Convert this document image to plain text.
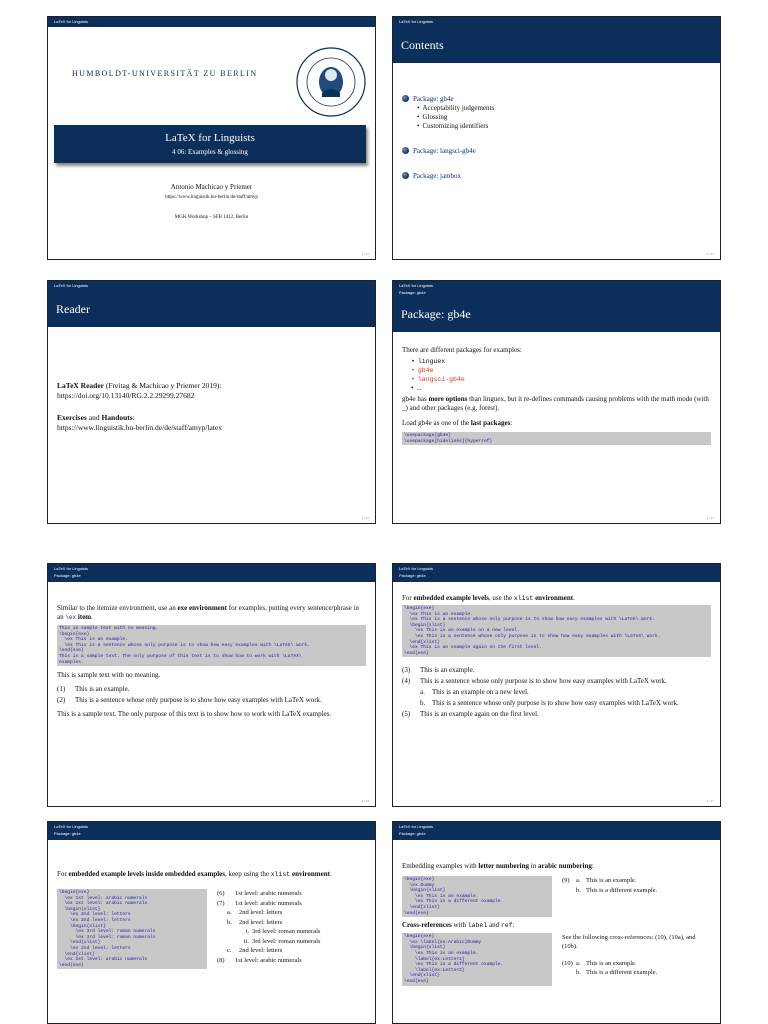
LaTeX for Linguists
HUMBOLDT-UNIVERSITÄT ZU BERLIN
LaTeX for Linguists
4 06: Examples & glossing
Antonio Machicao y Priemer
https://www.linguistik.hu-berlin.de/staff/amyp
MGK Workshop – SFB 1412, Berlin
1 / 27
LaTeX for Linguists
Contents
Package: gb4e
• Acceptability judgements
• Glossing
• Customizing identifiers
Package: langsci-gb4e
Package: jambox
2 / 27
LaTeX for Linguists
Reader
LaTeX Reader (Freitag & Machicao y Priemer 2019):
https://doi.org/10.13140/RG.2.2.29299.27682
Exercises and Handouts:
https://www.linguistik.hu-berlin.de/de/staff/amyp/latex
3 / 27
LaTeX for Linguists
Package: gb4e
Package: gb4e
There are different packages for examples:
• linguex
• gb4e
• langsci-gb4e
• ...
gb4e has more options than linguex, but it re-defines commands causing problems with the math mode (with _) and other packages (e.g. forest).
Load gb4e as one of the last packages:
\usepackage{gb4e}
\usepackage[hidelinks]{hyperref}
4 / 27
LaTeX for Linguists
Package: gb4e
Similar to the itemize environment, use an exe environment for examples, putting every sentence/phrase in an \ex item.
This is sample text with no meaning.
\begin{exe}
\ex This is an example.
\ex This is a sentence whose only purpose is to show how easy examples with \LaTeX\ work.
\end{exe}
This is a sample text. The only purpose of this text is to show how to work with \LaTeX\
examples.
This is sample text with no meaning.
(1)	This is an example.
(2)	This is a sentence whose only purpose is to show how easy examples with LaTeX work.
This is a sample text. The only purpose of this text is to show how to work with LaTeX examples.
5 / 27
LaTeX for Linguists
Package: gb4e
For embedded example levels, use the xlist environment.
\begin{exe}
\ex This is an example.
\ex This is a sentence whose only purpose is to show how easy examples with \LaTeX\ work.
\begin{xlist}
\ex This is an example on a new level.
\ex This is a sentence whose only purpose is to show how easy examples with \LaTeX\ work.
\end{xlist}
\ex This is an example again on the first level.
\end{exe}
(3)	This is an example.
(4)	This is a sentence whose only purpose is to show how easy examples with LaTeX work.
a.	This is an example on a new level.
b. This is a sentence whose only purpose is to show how easy examples with LaTeX work.
(5)	This is an example again on the first level.
6 / 27
LaTeX for Linguists
Package: gb4e
For embedded example levels inside embedded examples, keep using the xlist environment.
\begin{exe}
\ex 1st level: arabic numerals
\ex 1st level: arabic numerals
\begin{xlist}
\ex 2nd level: letters
\ex 2nd level: letters
\begin{xlist}
\ex 3rd level: roman numerals
\ex 3rd level: roman numerals
\end{xlist}
\ex 2nd level: letters
\end{xlist}
\ex 1st level: arabic numerals
\end{exe}
(6)	1st level: arabic numerals
(7)	1st level: arabic numerals
a.	2nd level: letters
b.	2nd level: letters
i. 3rd level: roman numerals
ii. 3rd level: roman numerals
c.	2nd level: letters
(8)	1st level: arabic numerals
LaTeX for Linguists
Package: gb4e
Embedding examples with letter numbering in arabic numbering:
\begin{exe}
\ex Dummy
\begin{xlist}
\ex This is an example.
\ex This is a different example.
\end{xlist}
\end{exe}
(9) a. This is an example.
b. This is a different example.
Cross-references with label and ref:
\begin{exe}
\ex \label{ex:Arabic}Dummy
\begin{xlist}
\ex This is an example.
\label{ex:Letter1}
\ex This is a different example.
\label{ex:Letter2}
\end{xlist}
\end{exe}
See the following cross-references: (10), (10a), and (10b).
(10) a. This is an example.
b. This is a different example.
